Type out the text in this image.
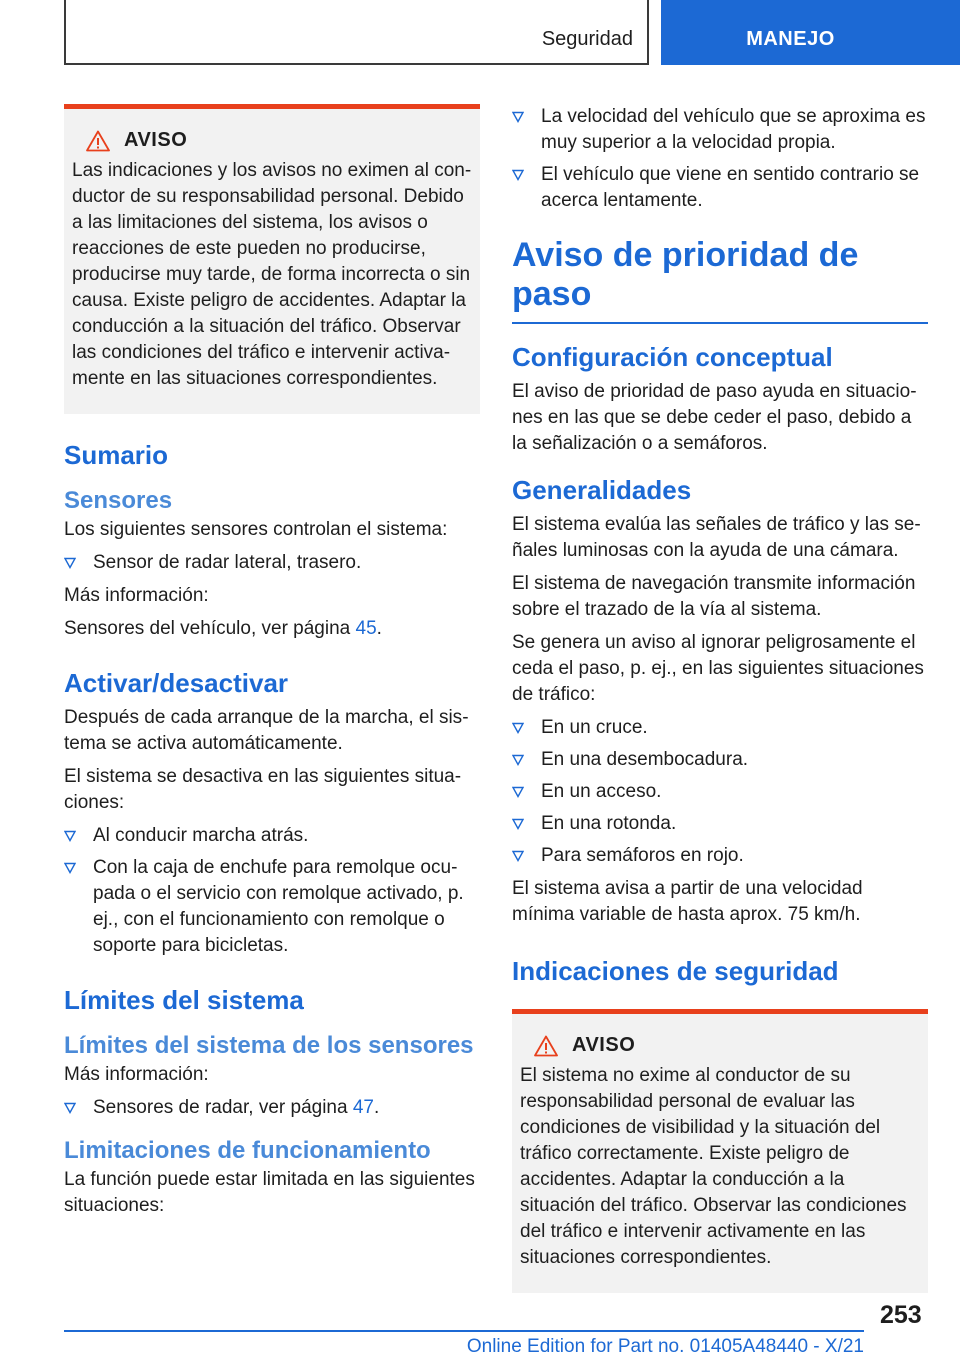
Seguridad	MANEJO
AVISO

Las indicaciones y los avisos no eximen al conductor de su responsabilidad personal. Debido a las limitaciones del sistema, los avisos o reacciones de este pueden no producirse, producirse muy tarde, de forma incorrecta o sin causa. Existe peligro de accidentes. Adaptar la conducción a la situación del tráfico. Observar las condiciones del tráfico e intervenir activamente en las situaciones correspondientes.

Sumario
Sensores

Los siguientes sensores controlan el sistema:

Sensor de radar lateral, trasero.

Más información:

Sensores del vehículo, ver página 45.

Activar/desactivar

Después de cada arranque de la marcha, el sistema se activa automáticamente.

El sistema se desactiva en las siguientes situaciones:

Al conducir marcha atrás.
Con la caja de enchufe para remolque ocupada o el servicio con remolque activado, p. ej., con el funcionamiento con remolque o soporte para bicicletas.
Límites del sistema
Límites del sistema de los sensores

Más información:

Sensores de radar, ver página 47.
Limitaciones de funcionamiento

La función puede estar limitada en las siguientes situaciones:

La velocidad del vehículo que se aproxima es muy superior a la velocidad propia.
El vehículo que viene en sentido contrario se acerca lentamente.
Aviso de prioridad de paso
Configuración conceptual

El aviso de prioridad de paso ayuda en situaciones en las que se debe ceder el paso, debido a la señalización o a semáforos.

Generalidades

El sistema evalúa las señales de tráfico y las señales luminosas con la ayuda de una cámara.

El sistema de navegación transmite información sobre el trazado de la vía al sistema.

Se genera un aviso al ignorar peligrosamente el ceda el paso, p. ej., en las siguientes situaciones de tráfico:

En un cruce.
En una desembocadura.
En un acceso.
En una rotonda.
Para semáforos en rojo.

El sistema avisa a partir de una velocidad mínima variable de hasta aprox. 75 km/h.

Indicaciones de seguridad
AVISO

El sistema no exime al conductor de su responsabilidad personal de evaluar las condiciones de visibilidad y la situación del tráfico correctamente. Existe peligro de accidentes. Adaptar la conducción a la situación del tráfico. Observar las condiciones del tráfico e intervenir activamente en las situaciones correspondientes.

253
Online Edition for Part no. 01405A48440 - X/21
